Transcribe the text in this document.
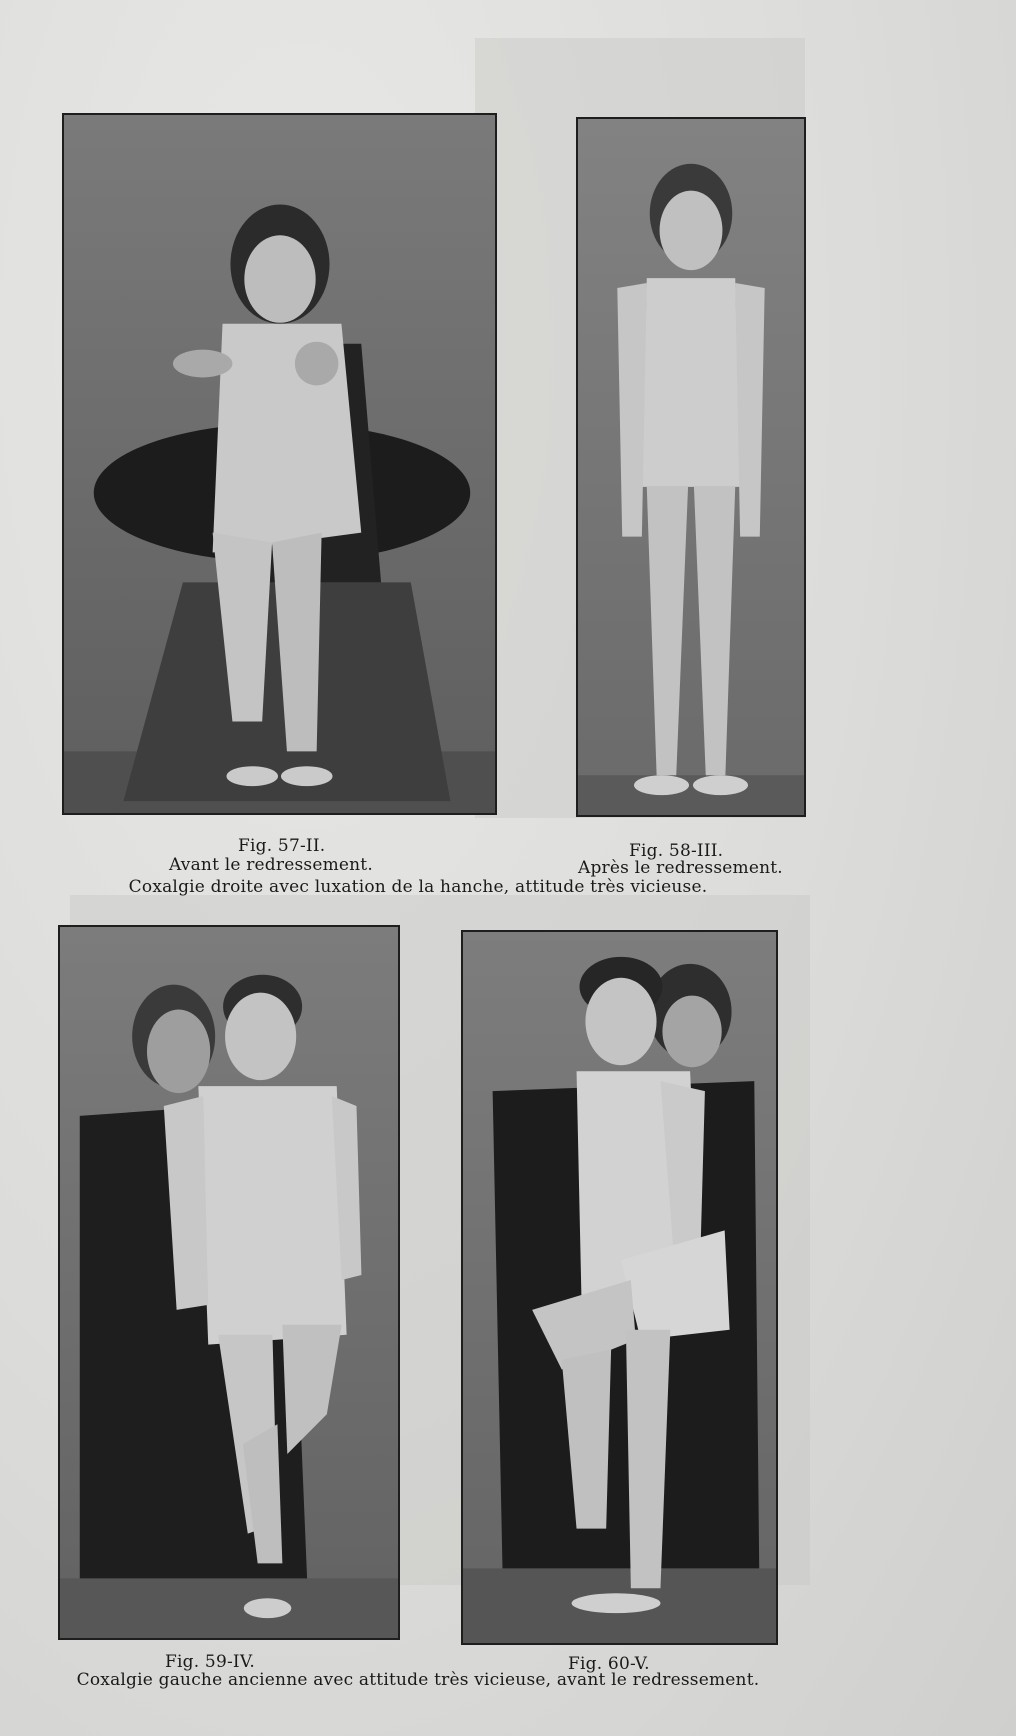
Fig. 57-II.
Avant le redressement.
Fig. 58-III.
Après le redressement.
Coxalgie droite avec luxation de la hanche, attitude très vicieuse.
Fig. 59-IV.	Fig. 60-V.
Coxalgie gauche ancienne avec attitude très vicieuse, avant le redressement.
